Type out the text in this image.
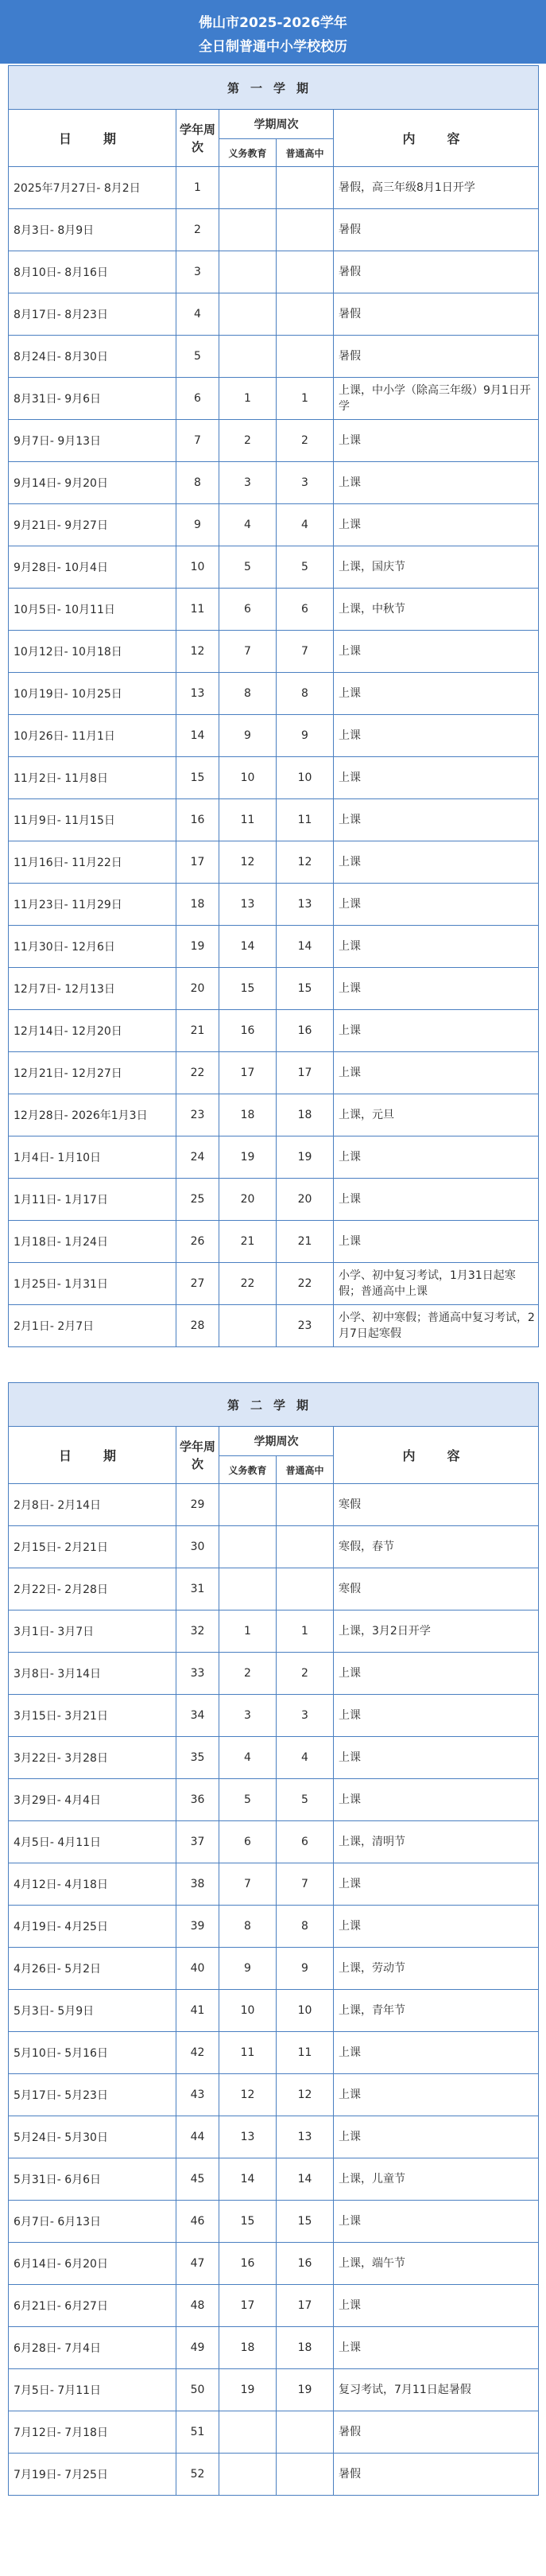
佛山市2025-2026学年
全日制普通中小学校校历
第一学期				
日　期	学年周次	学期周次		内　容
		义务教育	普通高中	
2025年7月27日- 8月2日	1			暑假，高三年级8月1日开学
8月3日- 8月9日	2			暑假
8月10日- 8月16日	3			暑假
8月17日- 8月23日	4			暑假
8月24日- 8月30日	5			暑假
8月31日- 9月6日	6	1	1	上课，中小学（除高三年级）9月1日开学
9月7日- 9月13日	7	2	2	上课
9月14日- 9月20日	8	3	3	上课
9月21日- 9月27日	9	4	4	上课
9月28日- 10月4日	10	5	5	上课，国庆节
10月5日- 10月11日	11	6	6	上课，中秋节
10月12日- 10月18日	12	7	7	上课
10月19日- 10月25日	13	8	8	上课
10月26日- 11月1日	14	9	9	上课
11月2日- 11月8日	15	10	10	上课
11月9日- 11月15日	16	11	11	上课
11月16日- 11月22日	17	12	12	上课
11月23日- 11月29日	18	13	13	上课
11月30日- 12月6日	19	14	14	上课
12月7日- 12月13日	20	15	15	上课
12月14日- 12月20日	21	16	16	上课
12月21日- 12月27日	22	17	17	上课
12月28日- 2026年1月3日	23	18	18	上课，元旦
1月4日- 1月10日	24	19	19	上课
1月11日- 1月17日	25	20	20	上课
1月18日- 1月24日	26	21	21	上课
1月25日- 1月31日	27	22	22	小学、初中复习考试，1月31日起寒假；普通高中上课
2月1日- 2月7日	28		23	小学、初中寒假；普通高中复习考试，2月7日起寒假
第二学期				
日　期	学年周次	学期周次		内　容
		义务教育	普通高中	
2月8日- 2月14日	29			寒假
2月15日- 2月21日	30			寒假，春节
2月22日- 2月28日	31			寒假
3月1日- 3月7日	32	1	1	上课，3月2日开学
3月8日- 3月14日	33	2	2	上课
3月15日- 3月21日	34	3	3	上课
3月22日- 3月28日	35	4	4	上课
3月29日- 4月4日	36	5	5	上课
4月5日- 4月11日	37	6	6	上课，清明节
4月12日- 4月18日	38	7	7	上课
4月19日- 4月25日	39	8	8	上课
4月26日- 5月2日	40	9	9	上课，劳动节
5月3日- 5月9日	41	10	10	上课，青年节
5月10日- 5月16日	42	11	11	上课
5月17日- 5月23日	43	12	12	上课
5月24日- 5月30日	44	13	13	上课
5月31日- 6月6日	45	14	14	上课，儿童节
6月7日- 6月13日	46	15	15	上课
6月14日- 6月20日	47	16	16	上课，端午节
6月21日- 6月27日	48	17	17	上课
6月28日- 7月4日	49	18	18	上课
7月5日- 7月11日	50	19	19	复习考试，7月11日起暑假
7月12日- 7月18日	51			暑假
7月19日- 7月25日	52			暑假
